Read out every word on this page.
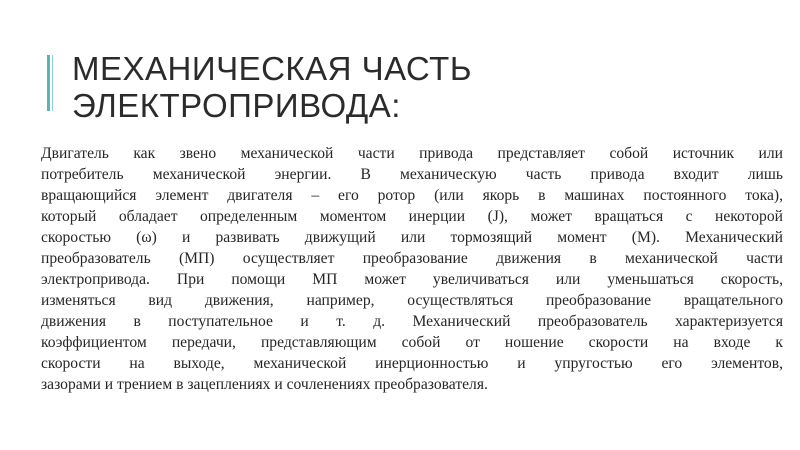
МЕХАНИЧЕСКАЯ ЧАСТЬ
ЭЛЕКТРОПРИВОДА:
Двигатель как звено механической части привода представляет собой источник или
потребитель механической энергии. В механическую часть привода входит лишь
вращающийся элемент двигателя – его ротор (или якорь в машинах постоянного тока),
который обладает определенным моментом инерции (J), может вращаться с некоторой
скоростью (ω) и развивать движущий или тормозящий момент (M). Механический
преобразователь (МП) осуществляет преобразование движения в механической части
электропривода. При помощи МП может увеличиваться или уменьшаться скорость,
изменяться вид движения, например, осуществляться преобразование вращательного
движения в поступательное и т. д. Механический преобразователь характеризуется
коэффициентом передачи, представляющим собой от ношение скорости на входе к
скорости на выходе, механической инерционностью и упругостью его элементов,
зазорами и трением в зацеплениях и сочленениях преобразователя.
